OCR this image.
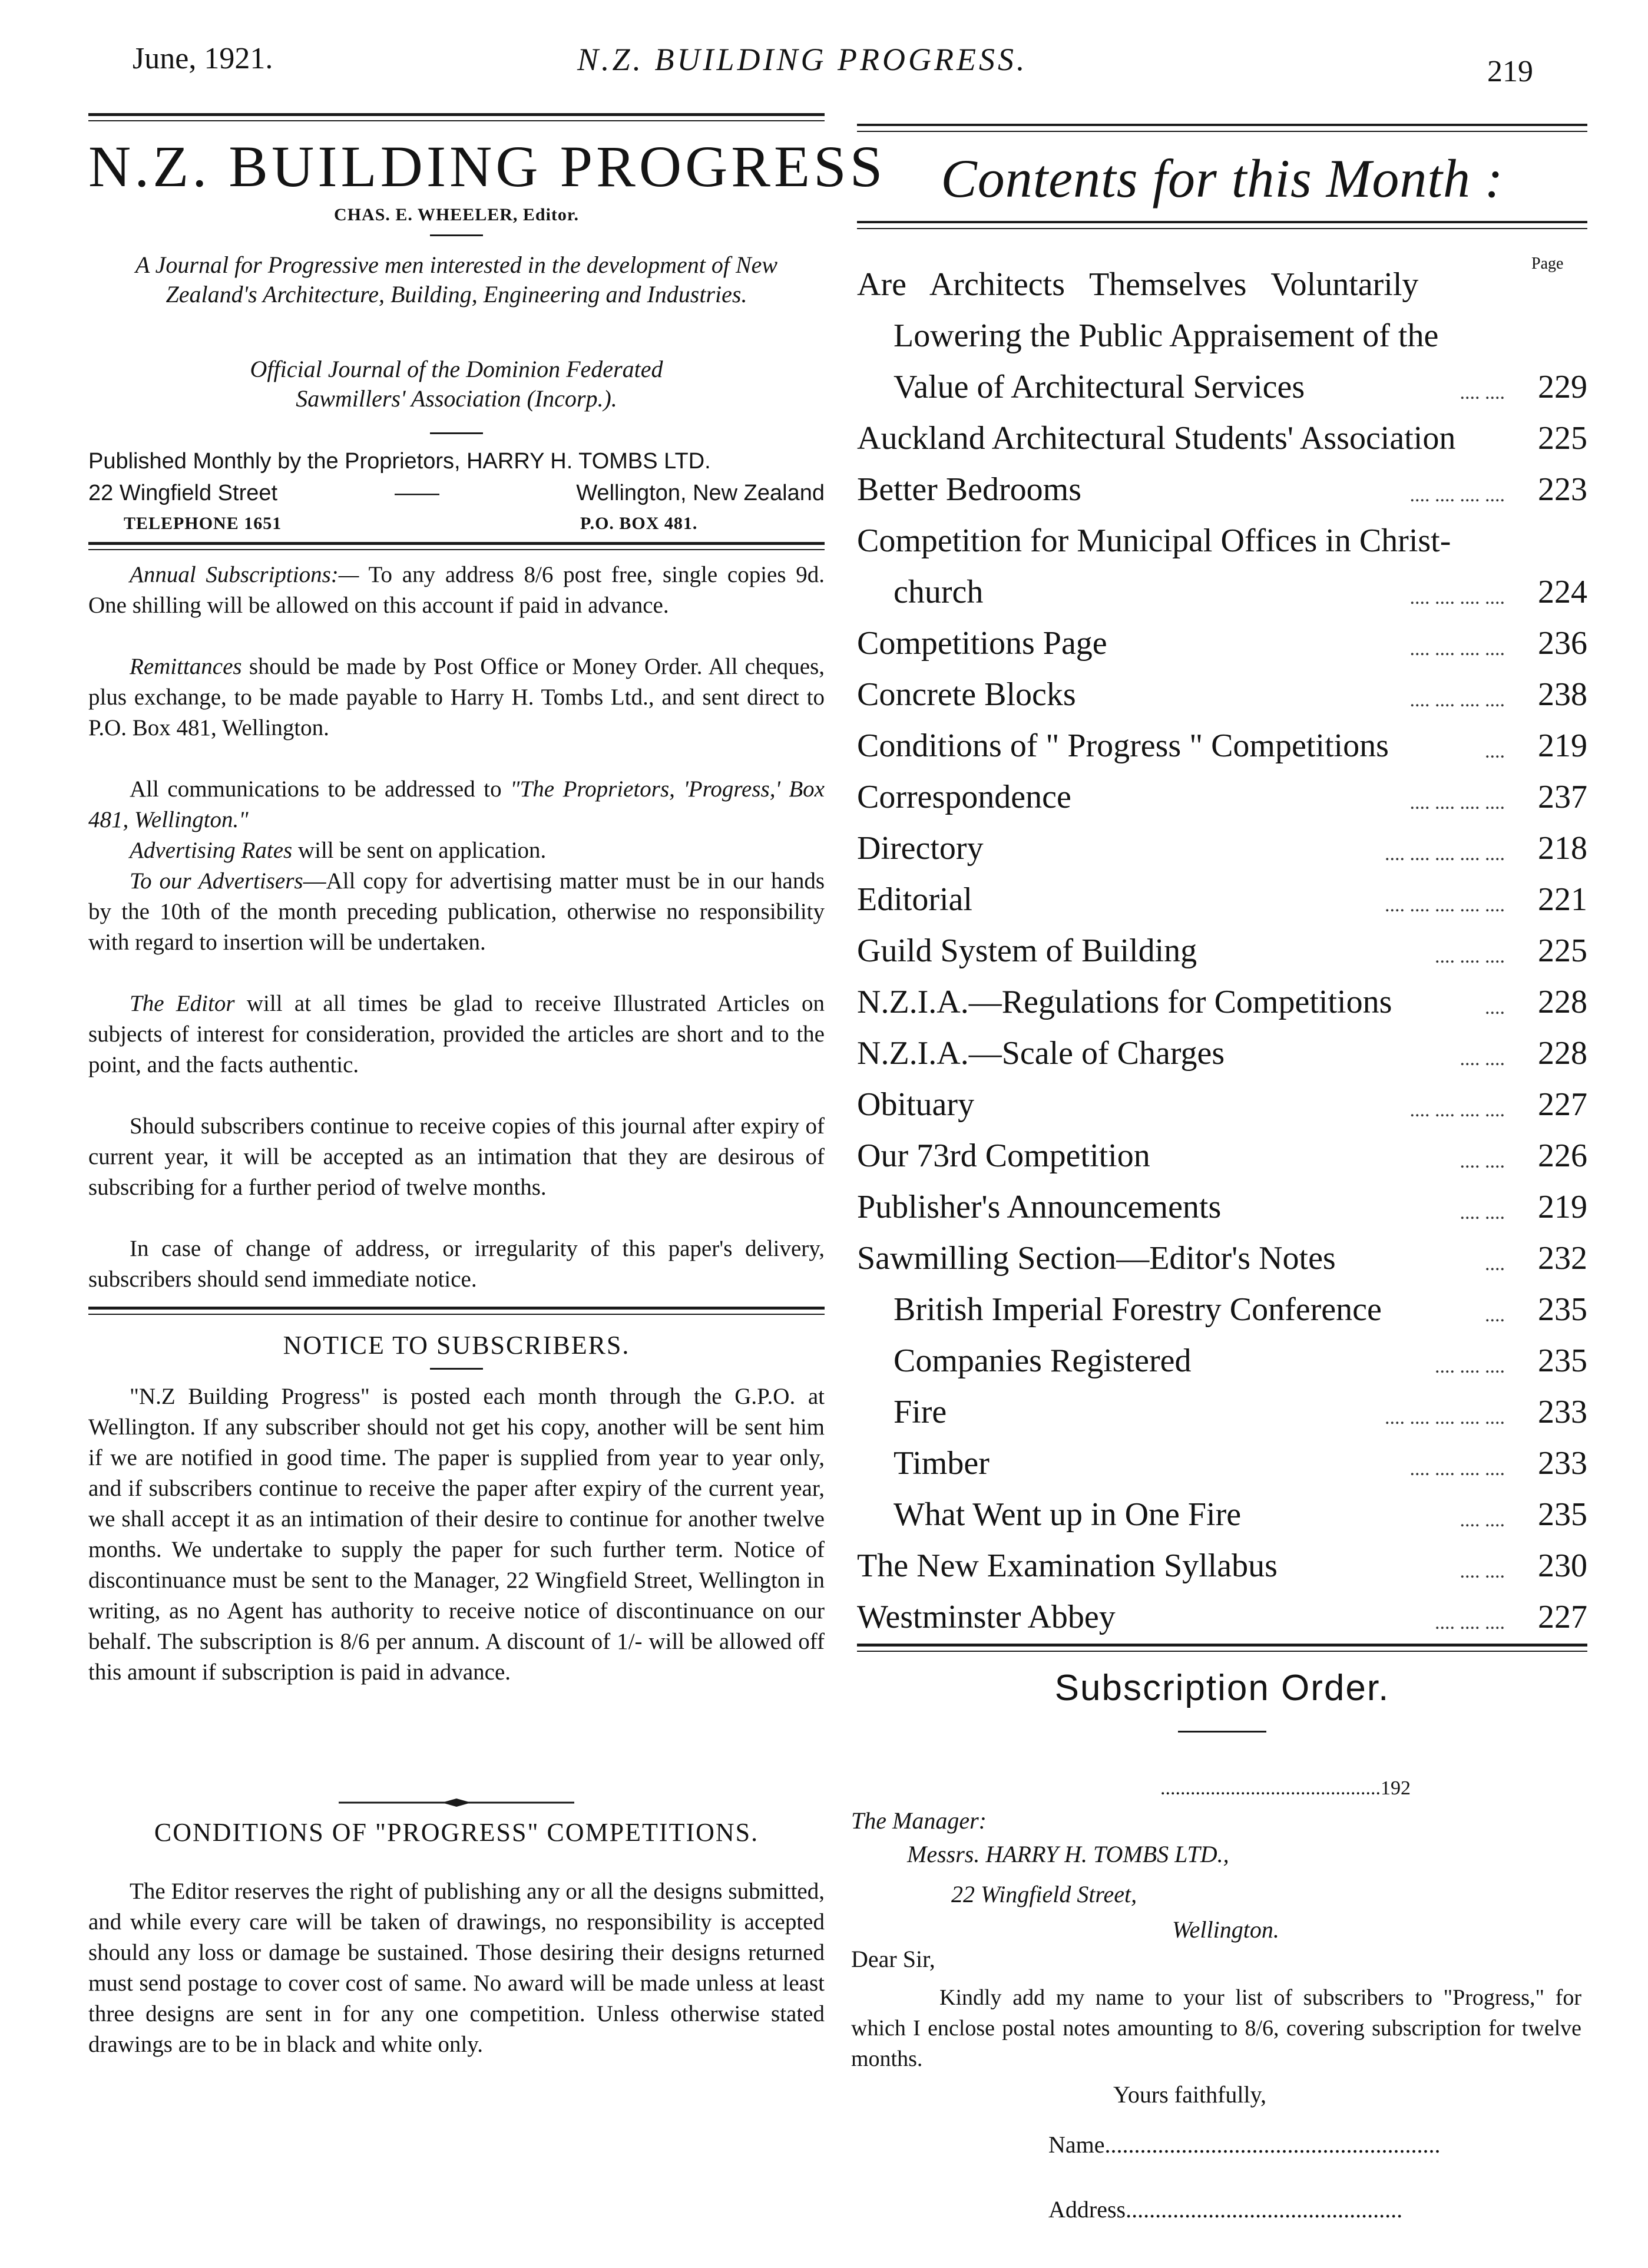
June, 1921.	N.Z. BUILDING PROGRESS.	219
N.Z. BUILDING PROGRESS
CHAS. E. WHEELER, Editor.
A Journal for Progressive men interested in the development of New Zealand's Architecture, Building, Engineering and Industries.
Official Journal of the Dominion Federated Sawmillers' Association (Incorp.).
Published Monthly by the Proprietors, HARRY H. TOMBS LTD.
22 Wingfield Street	——	Wellington, New Zealand
TELEPHONE 1651	P.O. BOX 481.
Annual Subscriptions:— To any address 8/6 post free, single copies 9d. One shilling will be allowed on this account if paid in advance.
Remittances should be made by Post Office or Money Order. All cheques, plus exchange, to be made payable to Harry H. Tombs Ltd., and sent direct to P.O. Box 481, Wellington.
All communications to be addressed to "The Proprietors, 'Progress,' Box 481, Wellington."
Advertising Rates will be sent on application.
To our Advertisers—All copy for advertising matter must be in our hands by the 10th of the month preceding publication, otherwise no responsibility with regard to insertion will be undertaken.
The Editor will at all times be glad to receive Illustrated Articles on subjects of interest for consideration, provided the articles are short and to the point, and the facts authentic.
Should subscribers continue to receive copies of this journal after expiry of current year, it will be accepted as an intimation that they are desirous of subscribing for a further period of twelve months.
In case of change of address, or irregularity of this paper's delivery, subscribers should send immediate notice.
NOTICE TO SUBSCRIBERS.
"N.Z Building Progress" is posted each month through the G.P.O. at Wellington. If any subscriber should not get his copy, another will be sent him if we are notified in good time. The paper is supplied from year to year only, and if subscribers continue to receive the paper after expiry of the current year, we shall accept it as an intimation of their desire to continue for another twelve months. We undertake to supply the paper for such further term. Notice of discontinuance must be sent to the Manager, 22 Wingfield Street, Wellington in writing, as no Agent has authority to receive notice of discontinuance on our behalf. The subscription is 8/6 per annum. A discount of 1/- will be allowed off this amount if subscription is paid in advance.
CONDITIONS OF "PROGRESS" COMPETITIONS.
The Editor reserves the right of publishing any or all the designs submitted, and while every care will be taken of drawings, no responsibility is accepted should any loss or damage be sustained. Those desiring their designs returned must send postage to cover cost of same. No award will be made unless at least three designs are sent in for any one competition. Unless otherwise stated drawings are to be in black and white only.
Contents for this Month :
Page
Are Architects Themselves Voluntarily
Lowering the Public Appraisement of the
Value of Architectural Services	.... .... 229
Auckland Architectural Students' Association 225
Better Bedrooms	.... .... .... .... 223
Competition for Municipal Offices in Christ-
church	.... .... .... .... 224
Competitions Page	.... .... .... .... 236
Concrete Blocks	.... .... .... .... 238
Conditions of " Progress " Competitions	.... 219
Correspondence	.... .... .... .... 237
Directory	.... .... .... .... .... 218
Editorial	.... .... .... .... .... 221
Guild System of Building	.... .... .... 225
N.Z.I.A.—Regulations for Competitions	.... 228
N.Z.I.A.—Scale of Charges	.... .... 228
Obituary	.... .... .... .... 227
Our 73rd Competition	.... .... 226
Publisher's Announcements	.... .... 219
Sawmilling Section—Editor's Notes	.... 232
British Imperial Forestry Conference	.... 235
Companies Registered	.... .... .... 235
Fire	.... .... .... .... .... 233
Timber	.... .... .... .... 233
What Went up in One Fire	.... .... 235
The New Examination Syllabus	.... .... 230
Westminster Abbey	.... .... .... 227
Subscription Order.
............................................192
The Manager:
Messrs. HARRY H. TOMBS LTD.,
22 Wingfield Street,
Wellington.
Dear Sir,
Kindly add my name to your list of subscribers to "Progress," for which I enclose postal notes amounting to 8/6, covering subscription for twelve months.
Yours faithfully,
Name.........................................................
Address...............................................
